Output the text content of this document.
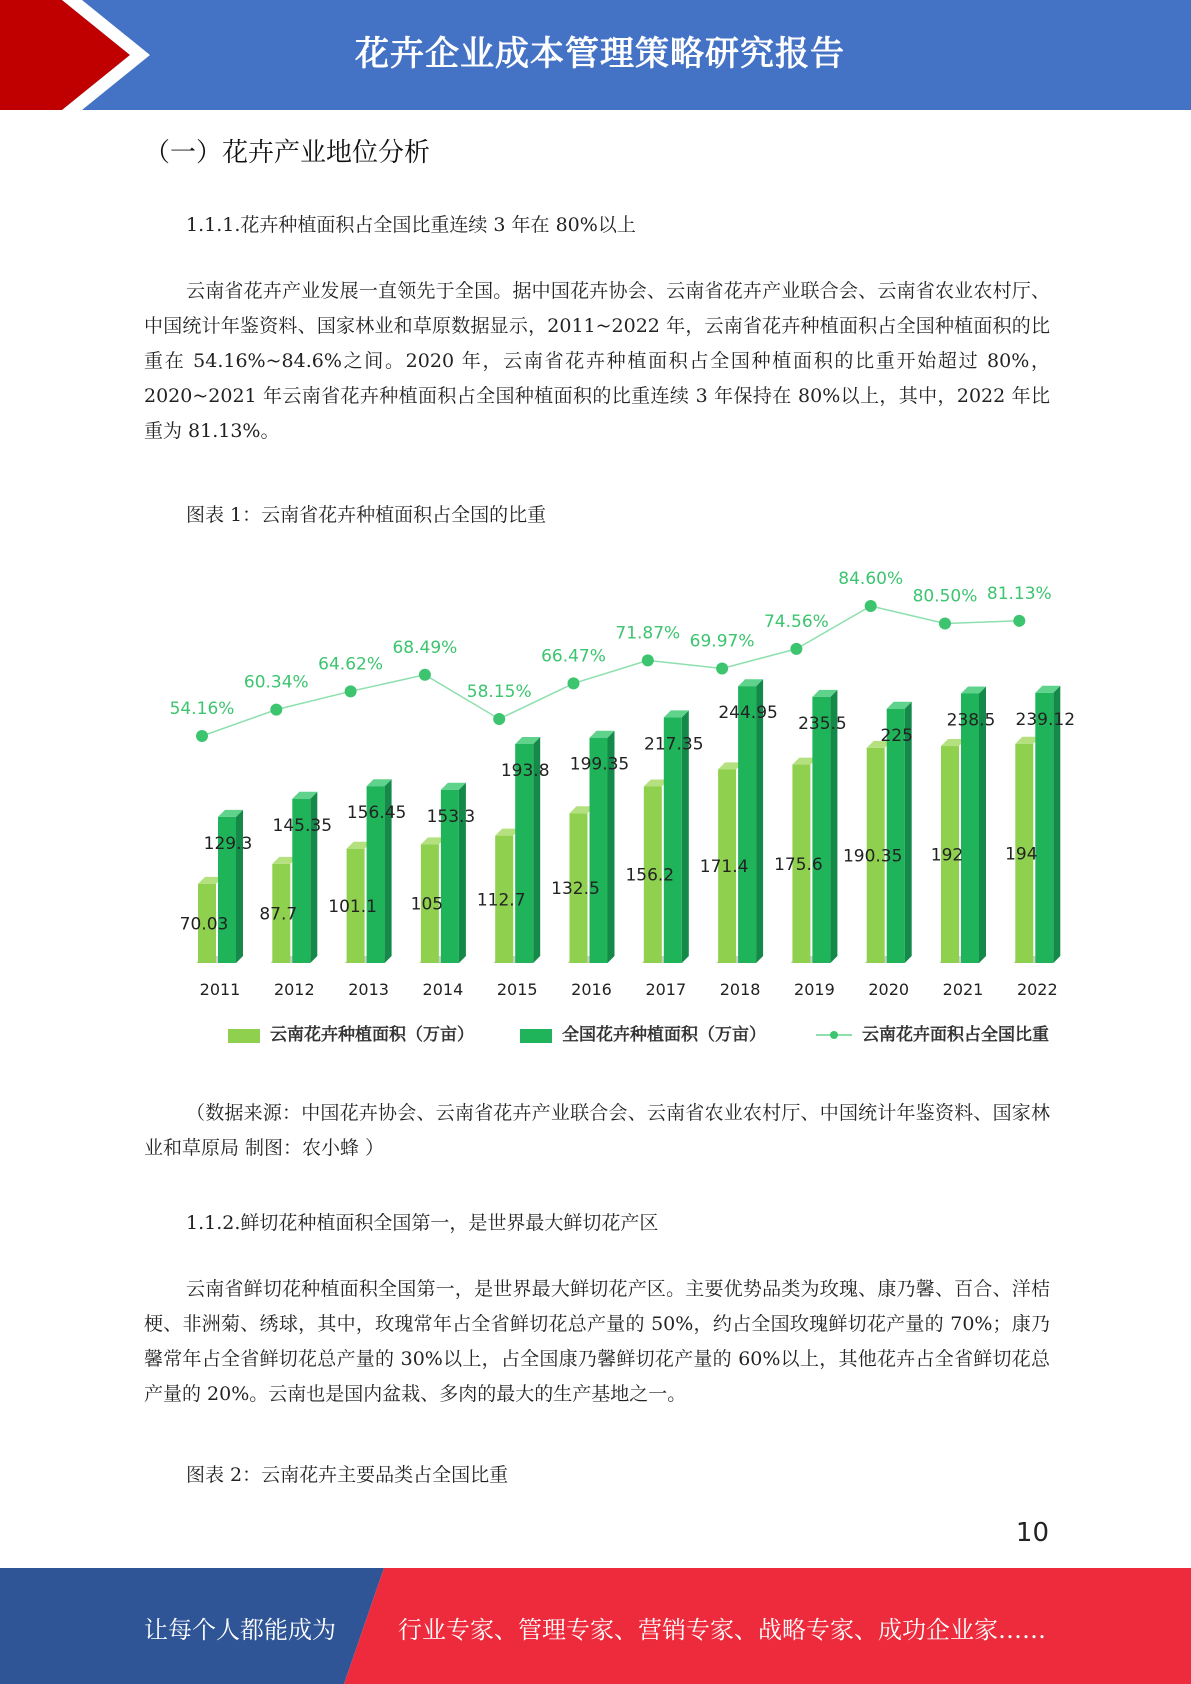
花卉企业成本管理策略研究报告
（一）花卉产业地位分析
1.1.1.花卉种植面积占全国比重连续 3 年在 80%以上
云南省花卉产业发展一直领先于全国。据中国花卉协会、云南省花卉产业联合会、云南省农业农村厅、中国统计年鉴资料、国家林业和草原数据显示，2011~2022 年，云南省花卉种植面积占全国种植面积的比重在 54.16%~84.6%之间。2020 年，云南省花卉种植面积占全国种植面积的比重开始超过 80%，2020~2021 年云南省花卉种植面积占全国种植面积的比重连续 3 年保持在 80%以上，其中，2022 年比重为 81.13%。
图表 1：云南省花卉种植面积占全国的比重
70.03
129.3
2011
87.7
145.35
2012
101.1
156.45
2013
105
153.3
2014
112.7
193.8
2015
132.5
199.35
2016
156.2
217.35
2017
171.4
244.95
2018
175.6
235.5
2019
190.35
225
2020
192
238.5
2021
194
239.12
2022
54.16%
60.34%
64.62%
68.49%
58.15%
66.47%
71.87% 69.97%
74.56%
84.60%
80.50% 81.13%
云南花卉种植面积（万亩）	全国花卉种植面积（万亩）	云南花卉面积占全国比重
（数据来源：中国花卉协会、云南省花卉产业联合会、云南省农业农村厅、中国统计年鉴资料、国家林业和草原局 制图：农小蜂 ）
1.1.2.鲜切花种植面积全国第一，是世界最大鲜切花产区
云南省鲜切花种植面积全国第一，是世界最大鲜切花产区。主要优势品类为玫瑰、康乃馨、百合、洋桔梗、非洲菊、绣球，其中，玫瑰常年占全省鲜切花总产量的 50%，约占全国玫瑰鲜切花产量的 70%；康乃馨常年占全省鲜切花总产量的 30%以上，占全国康乃馨鲜切花产量的 60%以上，其他花卉占全省鲜切花总产量的 20%。云南也是国内盆栽、多肉的最大的生产基地之一。
图表 2：云南花卉主要品类占全国比重
10
让每个人都能成为	行业专家、管理专家、营销专家、战略专家、成功企业家……
